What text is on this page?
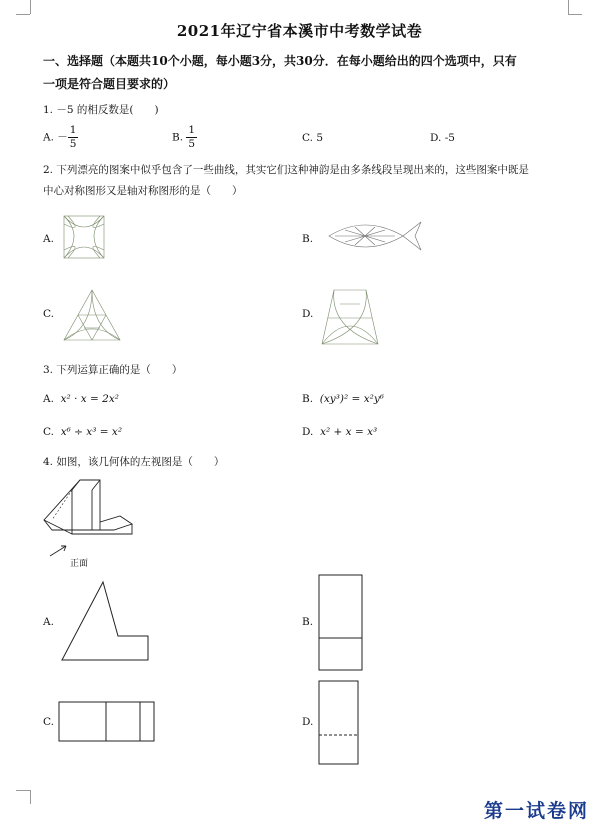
2021年辽宁省本溪市中考数学试卷
一、选择题（本题共10个小题，每小题3分，共30分．在每小题给出的四个选项中，只有
一项是符合题目要求的）
1. －5 的相反数是(　　)
A. － $\frac{1}{5}$	B. $\frac{1}{5}$	C. 5	D. -5
2. 下列漂亮的图案中似乎包含了一些曲线，其实它们这种神韵是由多条线段呈现出来的，这些图案中既是
中心对称图形又是轴对称图形的是（　　）
A.	B.
C.	D.
3. 下列运算正确的是（　　）
A. x² · x = 2x²	B. (xy³)² = x²y⁶
C. x⁶ ÷ x³ = x²	D. x² + x = x³
4. 如图，该几何体的左视图是（　　）
正面
A.	B.
C.	D.
第一试卷网
